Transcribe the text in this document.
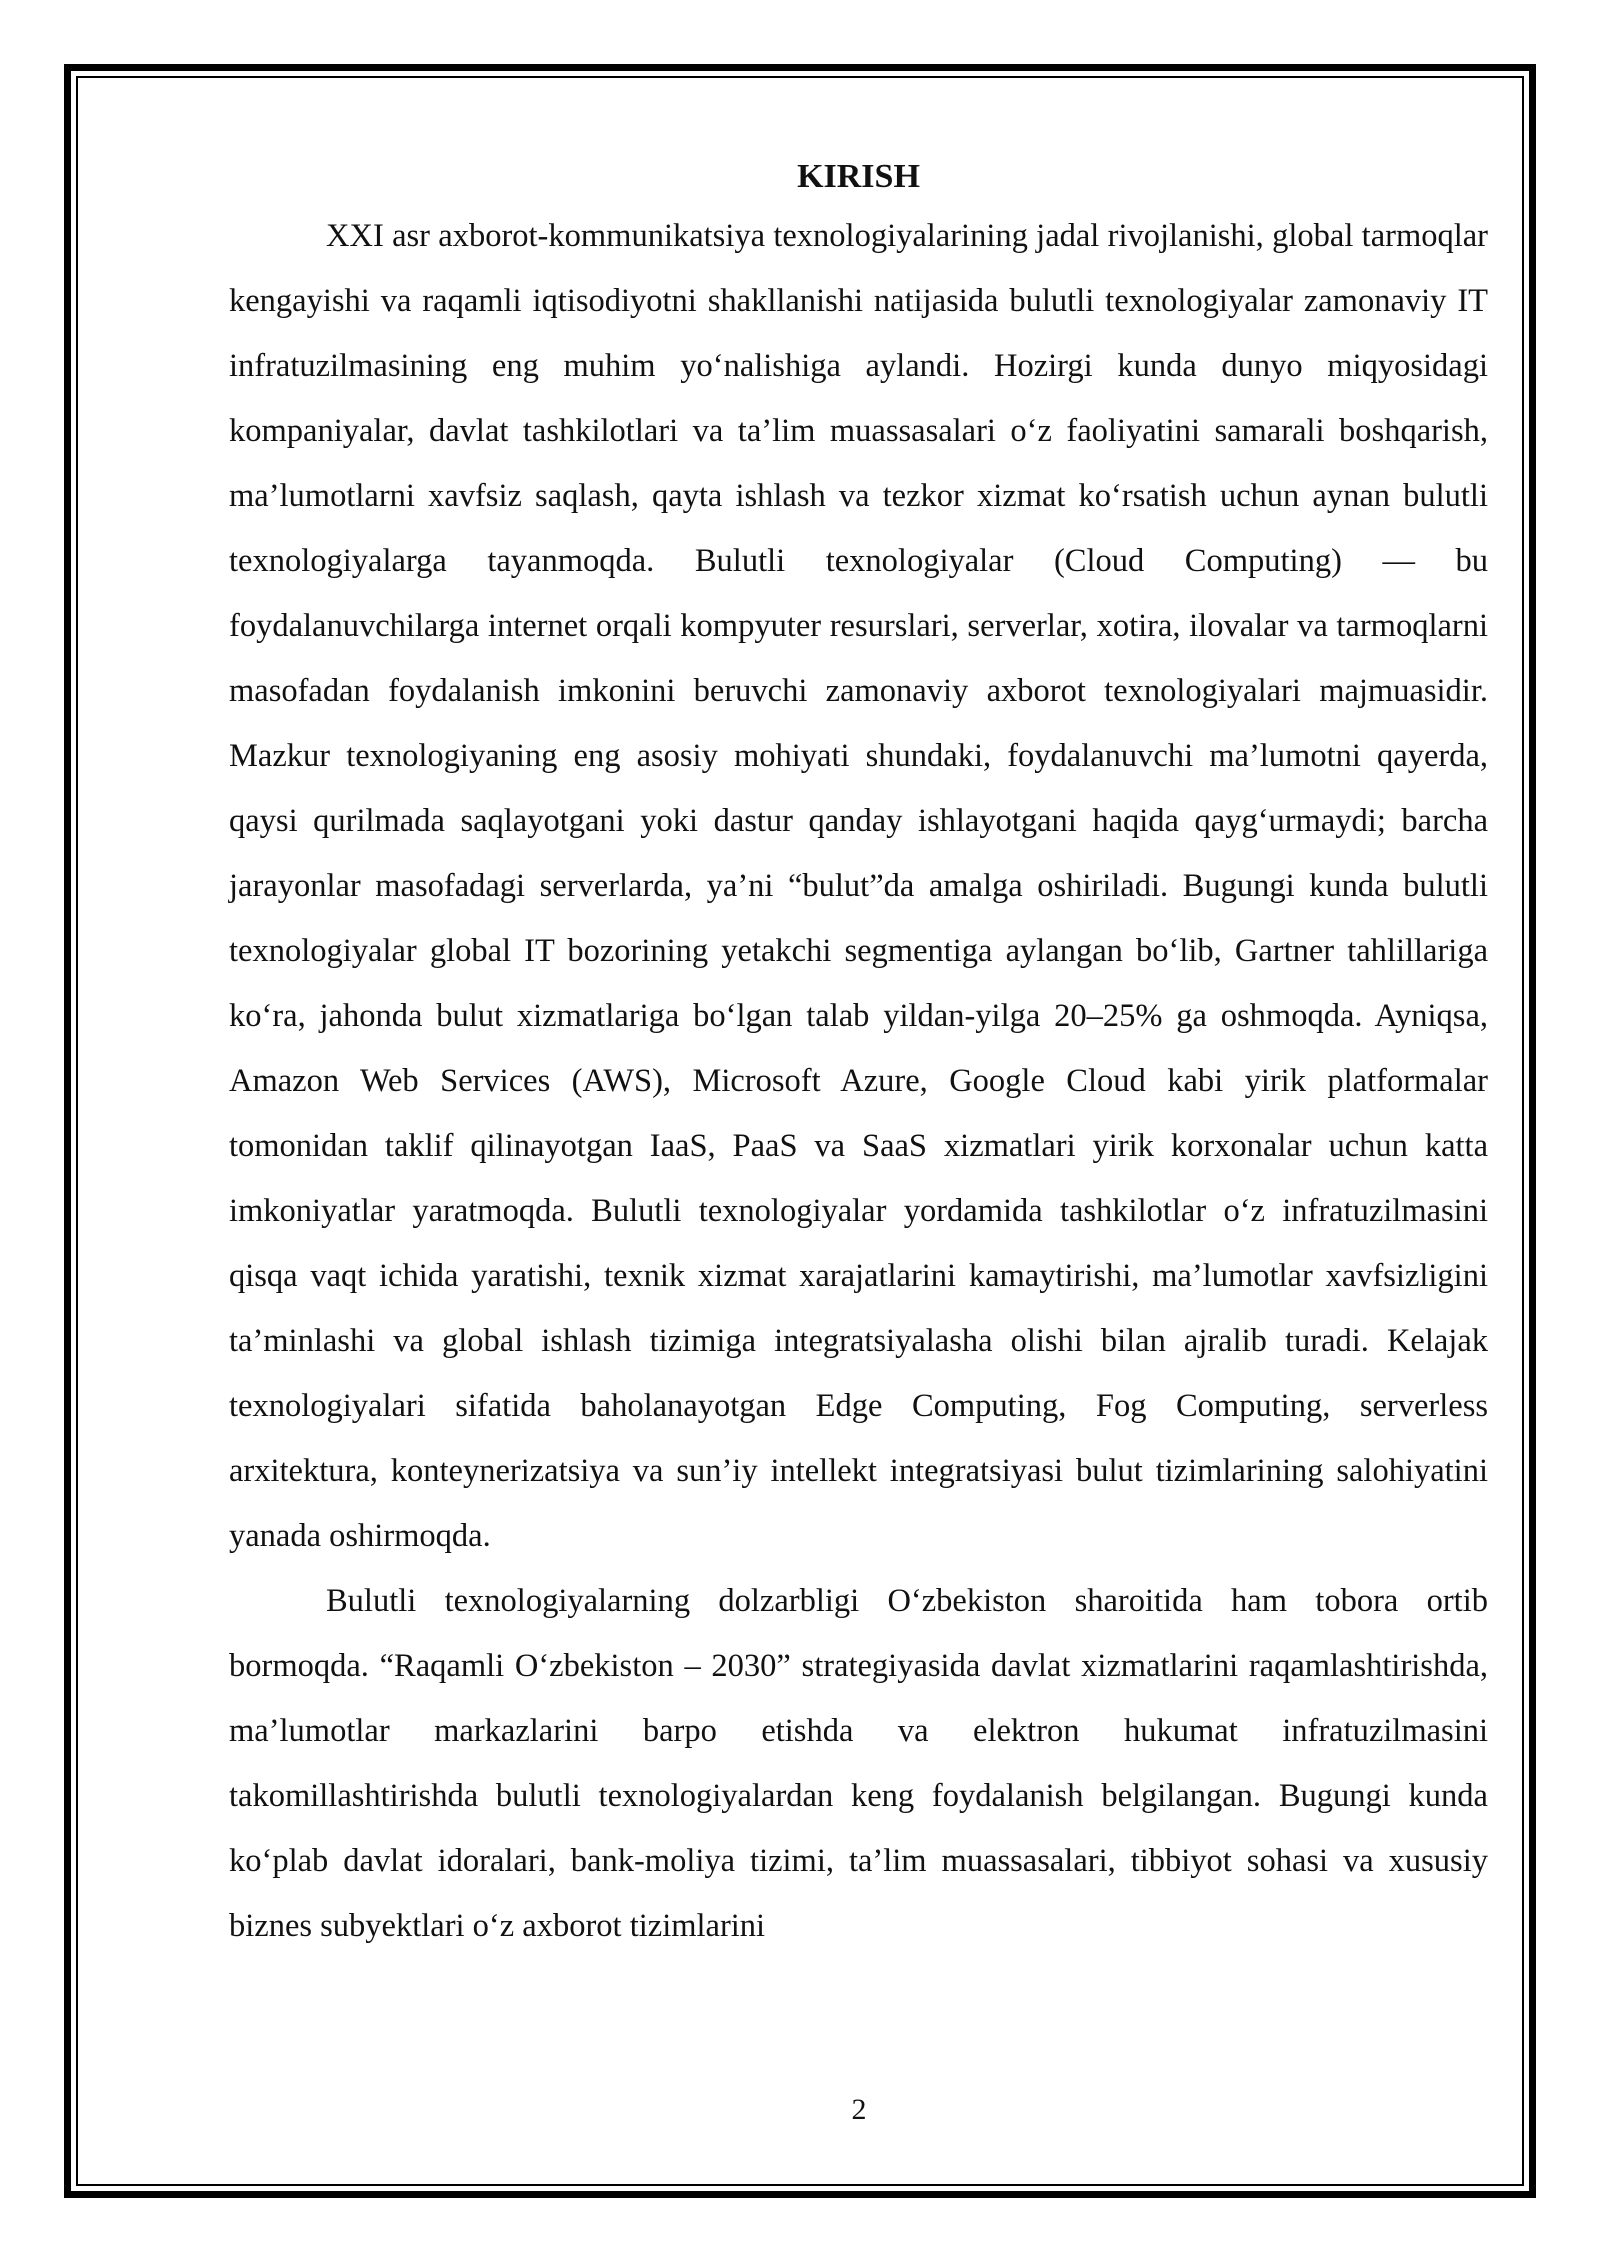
KIRISH

XXI asr axborot-kommunikatsiya texnologiyalarining jadal rivojlanishi, global tarmoqlar kengayishi va raqamli iqtisodiyotni shakllanishi natijasida bulutli texnologiyalar zamonaviy IT infratuzilmasining eng muhim yo‘nalishiga aylandi. Hozirgi kunda dunyo miqyosidagi kompaniyalar, davlat tashkilotlari va ta’lim muassasalari o‘z faoliyatini samarali boshqarish, ma’lumotlarni xavfsiz saqlash, qayta ishlash va tezkor xizmat ko‘rsatish uchun aynan bulutli texnologiyalarga tayanmoqda. Bulutli texnologiyalar (Cloud Computing) — bu foydalanuvchilarga internet orqali kompyuter resurslari, serverlar, xotira, ilovalar va tarmoqlarni masofadan foydalanish imkonini beruvchi zamonaviy axborot texnologiyalari majmuasidir. Mazkur texnologiyaning eng asosiy mohiyati shundaki, foydalanuvchi ma’lumotni qayerda, qaysi qurilmada saqlayotgani yoki dastur qanday ishlayotgani haqida qayg‘urmaydi; barcha jarayonlar masofadagi serverlarda, ya’ni “bulut”da amalga oshiriladi. Bugungi kunda bulutli texnologiyalar global IT bozorining yetakchi segmentiga aylangan bo‘lib, Gartner tahlillariga ko‘ra, jahonda bulut xizmatlariga bo‘lgan talab yildan-yilga 20–25% ga oshmoqda. Ayniqsa, Amazon Web Services (AWS), Microsoft Azure, Google Cloud kabi yirik platformalar tomonidan taklif qilinayotgan IaaS, PaaS va SaaS xizmatlari yirik korxonalar uchun katta imkoniyatlar yaratmoqda. Bulutli texnologiyalar yordamida tashkilotlar o‘z infratuzilmasini qisqa vaqt ichida yaratishi, texnik xizmat xarajatlarini kamaytirishi, ma’lumotlar xavfsizligini ta’minlashi va global ishlash tizimiga integratsiyalasha olishi bilan ajralib turadi. Kelajak texnologiyalari sifatida baholanayotgan Edge Computing, Fog Computing, serverless arxitektura, konteynerizatsiya va sun’iy intellekt integratsiyasi bulut tizimlarining salohiyatini yanada oshirmoqda.

Bulutli texnologiyalarning dolzarbligi O‘zbekiston sharoitida ham tobora ortib bormoqda. “Raqamli O‘zbekiston – 2030” strategiyasida davlat xizmatlarini raqamlashtirishda, ma’lumotlar markazlarini barpo etishda va elektron hukumat infratuzilmasini takomillashtirishda bulutli texnologiyalardan keng foydalanish belgilangan. Bugungi kunda ko‘plab davlat idoralari, bank-moliya tizimi, ta’lim muassasalari, tibbiyot sohasi va xususiy biznes subyektlari o‘z axborot tizimlarini

2
